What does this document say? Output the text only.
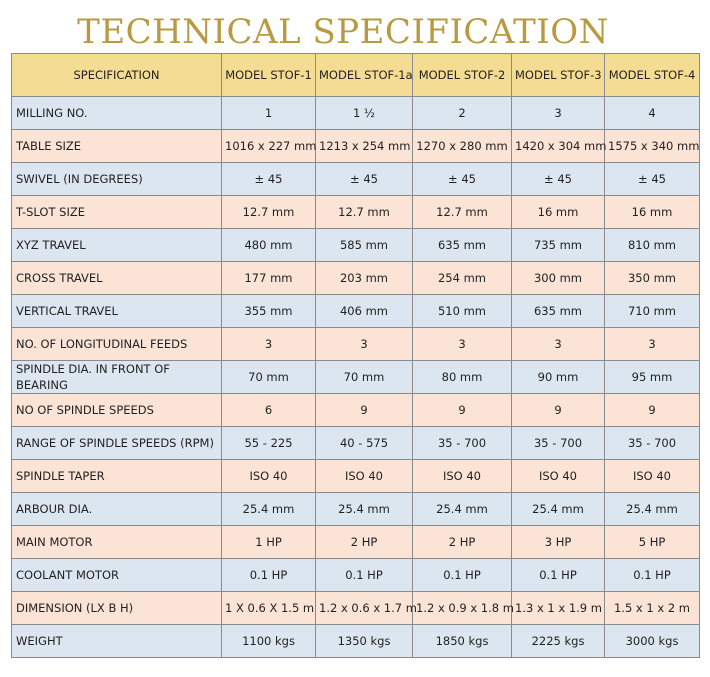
TECHNICAL SPECIFICATION
SPECIFICATION	MODEL STOF-1	MODEL STOF-1a	MODEL STOF-2	MODEL STOF-3	MODEL STOF-4
MILLING NO.	1	1 ½	2	3	4
TABLE SIZE	1016 x 227 mm	1213 x 254 mm	1270 x 280 mm	1420 x 304 mm	1575 x 340 mm
SWIVEL (IN DEGREES)	± 45	± 45	± 45	± 45	± 45
T-SLOT SIZE	12.7 mm	12.7 mm	12.7 mm	16 mm	16 mm
XYZ TRAVEL	480 mm	585 mm	635 mm	735 mm	810 mm
CROSS TRAVEL	177 mm	203 mm	254 mm	300 mm	350 mm
VERTICAL TRAVEL	355 mm	406 mm	510 mm	635 mm	710 mm
NO. OF LONGITUDINAL FEEDS	3	3	3	3	3
SPINDLE DIA. IN FRONT OF BEARING	70 mm	70 mm	80 mm	90 mm	95 mm
NO OF SPINDLE SPEEDS	6	9	9	9	9
RANGE OF SPINDLE SPEEDS (RPM)	55 - 225	40 - 575	35 - 700	35 - 700	35 - 700
SPINDLE TAPER	ISO 40	ISO 40	ISO 40	ISO 40	ISO 40
ARBOUR DIA.	25.4 mm	25.4 mm	25.4 mm	25.4 mm	25.4 mm
MAIN MOTOR	1 HP	2 HP	2 HP	3 HP	5 HP
COOLANT MOTOR	0.1 HP	0.1 HP	0.1 HP	0.1 HP	0.1 HP
DIMENSION (LX B H)	1 X 0.6 X 1.5 m	1.2 x 0.6 x 1.7 m	1.2 x 0.9 x 1.8 m	1.3 x 1 x 1.9 m	1.5 x 1 x 2 m
WEIGHT	1100 kgs	1350 kgs	1850 kgs	2225 kgs	3000 kgs
